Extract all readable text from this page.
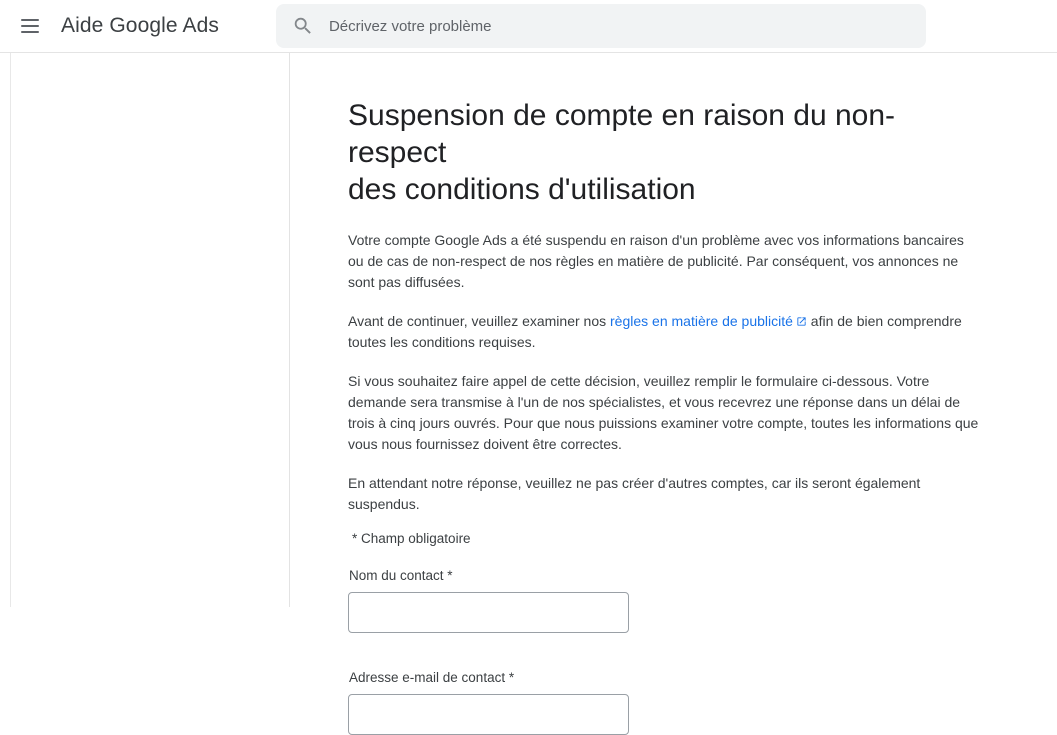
Aide Google Ads
Décrivez votre problème
Suspension de compte en raison du non-respect
des conditions d'utilisation

Votre compte Google Ads a été suspendu en raison d'un problème avec vos informations bancaires ou de cas de non-respect de nos règles en matière de publicité. Par conséquent, vos annonces ne sont pas diffusées.

Avant de continuer, veuillez examiner nos règles en matière de publicité afin de bien comprendre toutes les conditions requises.

Si vous souhaitez faire appel de cette décision, veuillez remplir le formulaire ci-dessous. Votre demande sera transmise à l'un de nos spécialistes, et vous recevrez une réponse dans un délai de trois à cinq jours ouvrés. Pour que nous puissions examiner votre compte, toutes les informations que vous nous fournissez doivent être correctes.

En attendant notre réponse, veuillez ne pas créer d'autres comptes, car ils seront également suspendus.

* Champ obligatoire
Nom du contact *
Adresse e-mail de contact *
